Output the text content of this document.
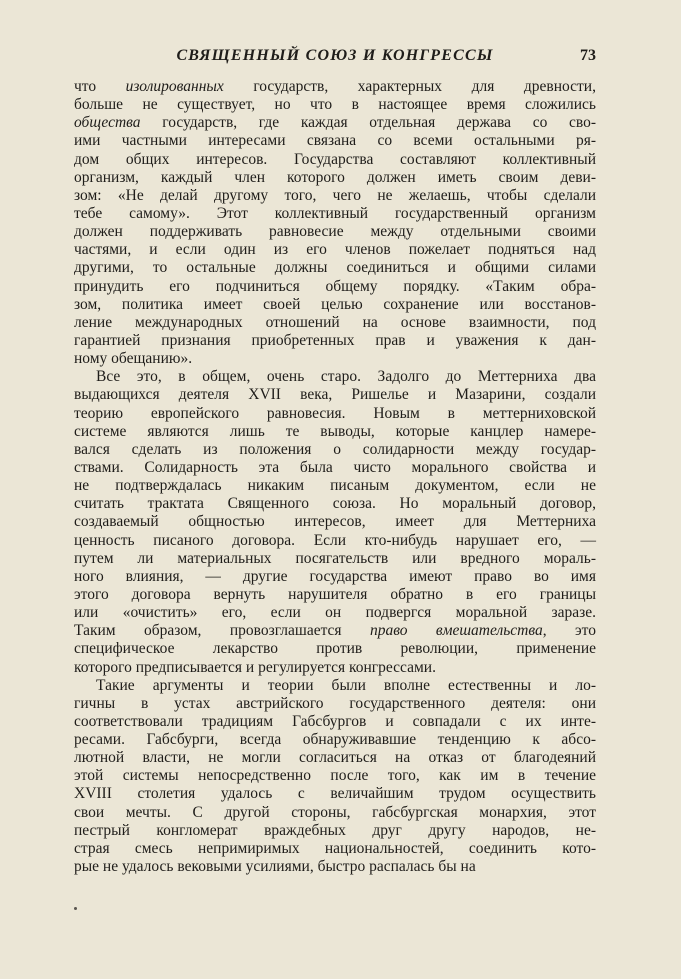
СВЯЩЕННЫЙ СОЮЗ И КОНГРЕССЫ	73
что изолированных государств, характерных для древности,
больше не существует, но что в настоящее время сложились
общества государств, где каждая отдельная держава со сво-
ими частными интересами связана со всеми остальными ря-
дом общих интересов. Государства составляют коллективный
организм, каждый член которого должен иметь своим деви-
зом: «Не делай другому того, чего не желаешь, чтобы сделали
тебе самому». Этот коллективный государственный организм
должен поддерживать равновесие между отдельными своими
частями, и если один из его членов пожелает подняться над
другими, то остальные должны соединиться и общими силами
принудить его подчиниться общему порядку. «Таким обра-
зом, политика имеет своей целью сохранение или восстанов-
ление международных отношений на основе взаимности, под
гарантией признания приобретенных прав и уважения к дан-
ному обещанию».
Все это, в общем, очень старо. Задолго до Меттерниха два
выдающихся деятеля XVII века, Ришелье и Мазарини, создали
теорию европейского равновесия. Новым в меттерниховской
системе являются лишь те выводы, которые канцлер намере-
вался сделать из положения о солидарности между государ-
ствами. Солидарность эта была чисто морального свойства и
не подтверждалась никаким писаным документом, если не
считать трактата Священного союза. Но моральный договор,
создаваемый общностью интересов, имеет для Меттерниха
ценность писаного договора. Если кто-нибудь нарушает его, —
путем ли материальных посягательств или вредного мораль-
ного влияния, — другие государства имеют право во имя
этого договора вернуть нарушителя обратно в его границы
или «очистить» его, если он подвергся моральной заразе.
Таким образом, провозглашается право вмешательства, это
специфическое лекарство против революции, применение
которого предписывается и регулируется конгрессами.
Такие аргументы и теории были вполне естественны и ло-
гичны в устах австрийского государственного деятеля: они
соответствовали традициям Габсбургов и совпадали с их инте-
ресами. Габсбурги, всегда обнаруживавшие тенденцию к абсо-
лютной власти, не могли согласиться на отказ от благодеяний
этой системы непосредственно после того, как им в течение
XVIII столетия удалось с величайшим трудом осуществить
свои мечты. С другой стороны, габсбургская монархия, этот
пестрый конгломерат враждебных друг другу народов, не-
страя смесь непримиримых национальностей, соединить кото-
рые не удалось вековыми усилиями, быстро распалась бы на
